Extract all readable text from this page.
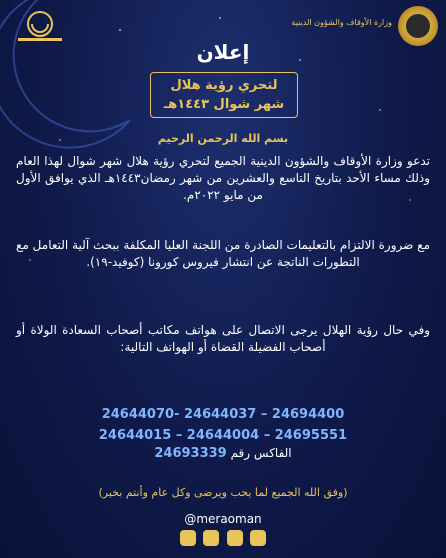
وزارة الأوقاف والشؤون الدينية
إعلان
لتحري رؤية هلال
شهر شوال ١٤٤٣هـ
بسم الله الرحمن الرحيم
تدعو وزارة الأوقاف والشؤون الدينية الجميع لتحري رؤية هلال شهر شوال لهذا العام وذلك مساء الأحد بتاريخ التاسع والعشرين من شهر رمضان١٤٤٣هـ الذي يوافق الأول من مايو ٢٠٢٢م.
مع ضرورة الالتزام بالتعليمات الصادرة من اللجنة العليا المكلفة ببحث آلية التعامل مع التطورات الناتجة عن انتشار فيروس كورونا (كوفيد-١٩).
وفي حال رؤية الهلال يرجى الاتصال على هواتف مكاتب أصحاب السعادة الولاة أو أصحاب الفضيلة القضاة أو الهواتف التالية:
24644070- 24644037 – 24694400
24644015 – 24644004 – 24695551
الفاكس رقم 24693339
(وفق الله الجميع لما يحب ويرضى وكل عام وأنتم بخير)
@meraoman
